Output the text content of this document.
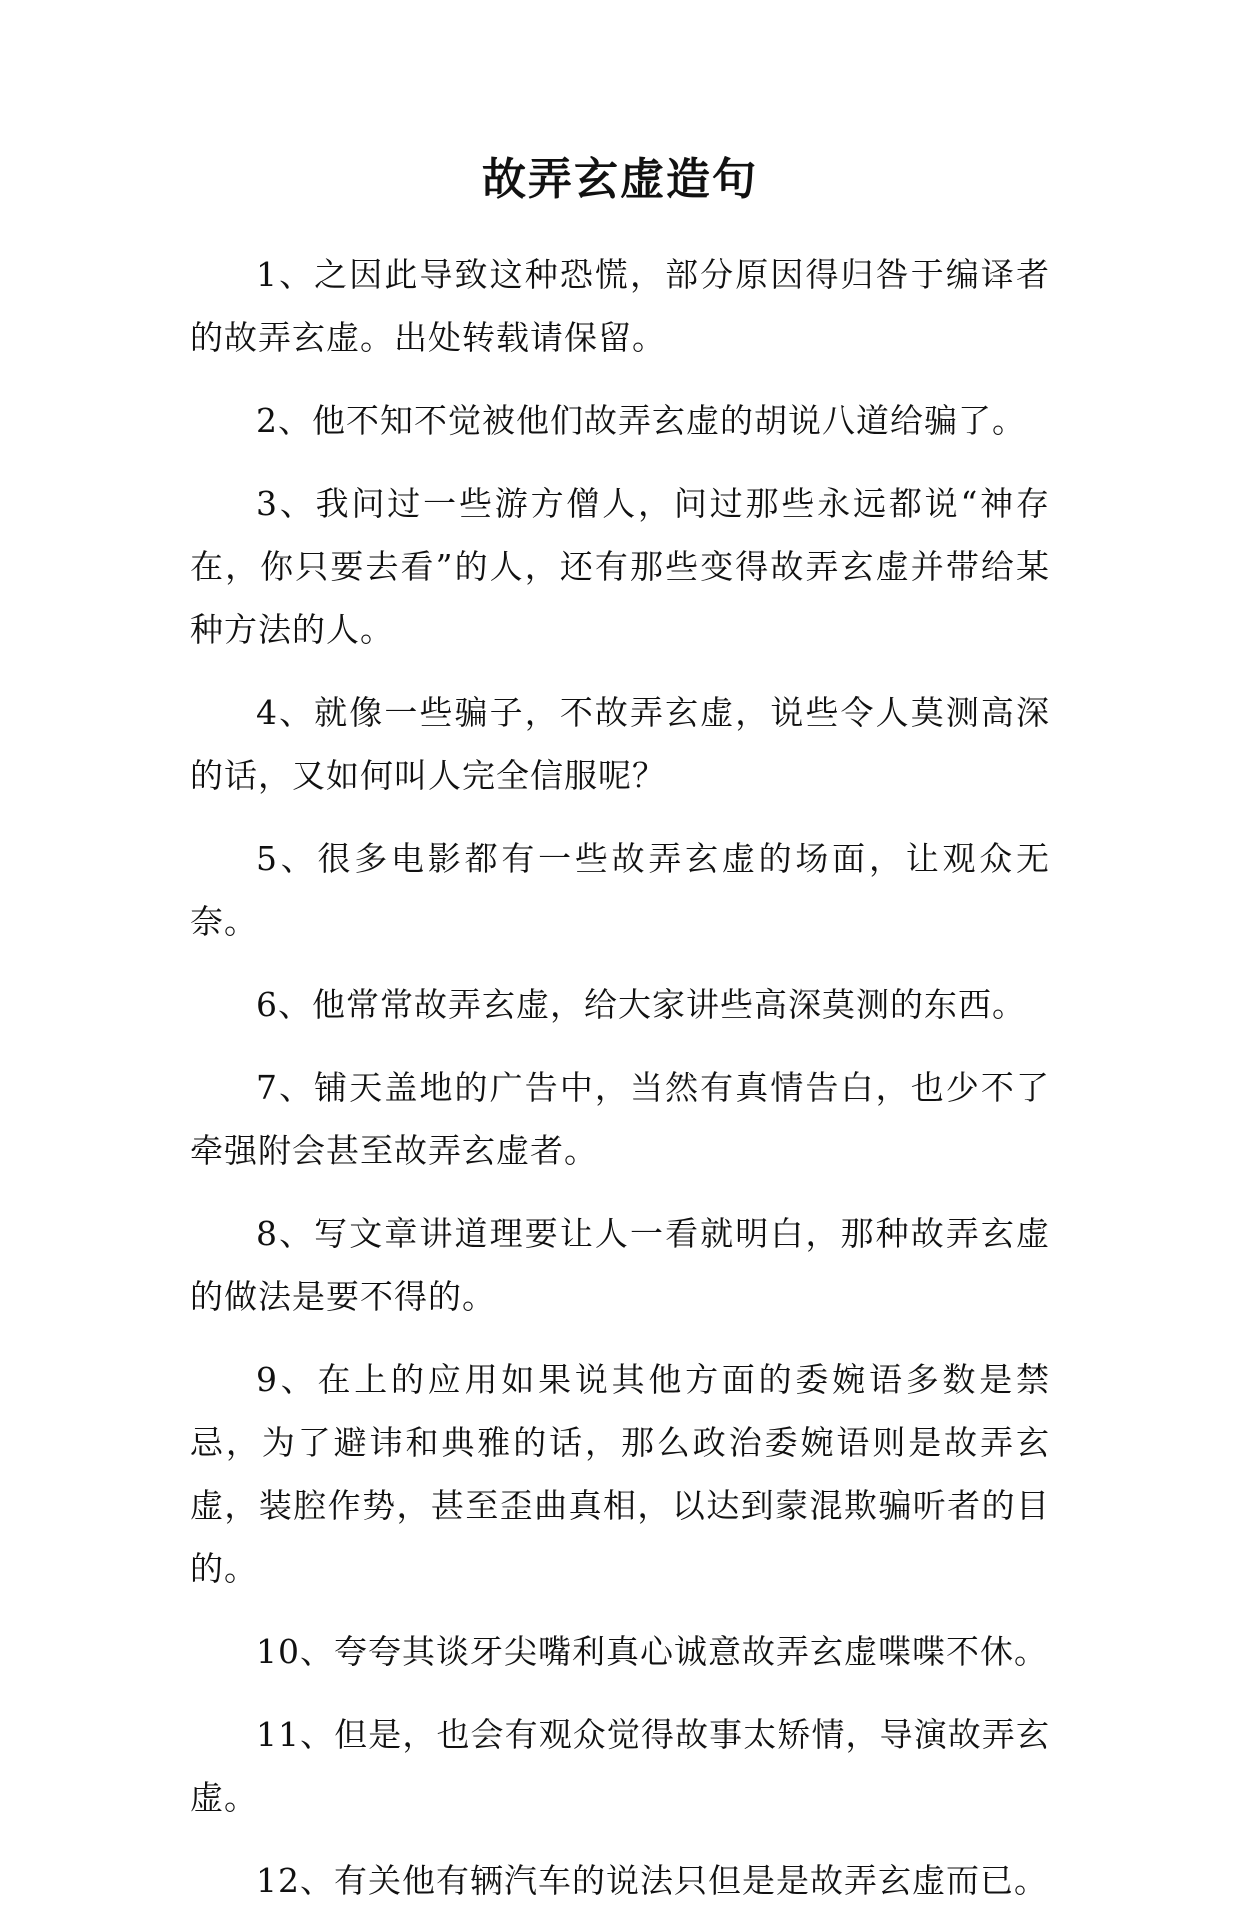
故弄玄虚造句

1、之因此导致这种恐慌，部分原因得归咎于编译者的故弄玄虚。出处转载请保留。

2、他不知不觉被他们故弄玄虚的胡说八道给骗了。

3、我问过一些游方僧人，问过那些永远都说“神存在，你只要去看”的人，还有那些变得故弄玄虚并带给某种方法的人。

4、就像一些骗子，不故弄玄虚，说些令人莫测高深的话，又如何叫人完全信服呢？

5、很多电影都有一些故弄玄虚的场面，让观众无奈。

6、他常常故弄玄虚，给大家讲些高深莫测的东西。

7、铺天盖地的广告中，当然有真情告白，也少不了牵强附会甚至故弄玄虚者。

8、写文章讲道理要让人一看就明白，那种故弄玄虚的做法是要不得的。

9、在上的应用如果说其他方面的委婉语多数是禁忌，为了避讳和典雅的话，那么政治委婉语则是故弄玄虚，装腔作势，甚至歪曲真相，以达到蒙混欺骗听者的目的。

10、夸夸其谈牙尖嘴利真心诚意故弄玄虚喋喋不休。

11、但是，也会有观众觉得故事太矫情，导演故弄玄虚。

12、有关他有辆汽车的说法只但是是故弄玄虚而已。
